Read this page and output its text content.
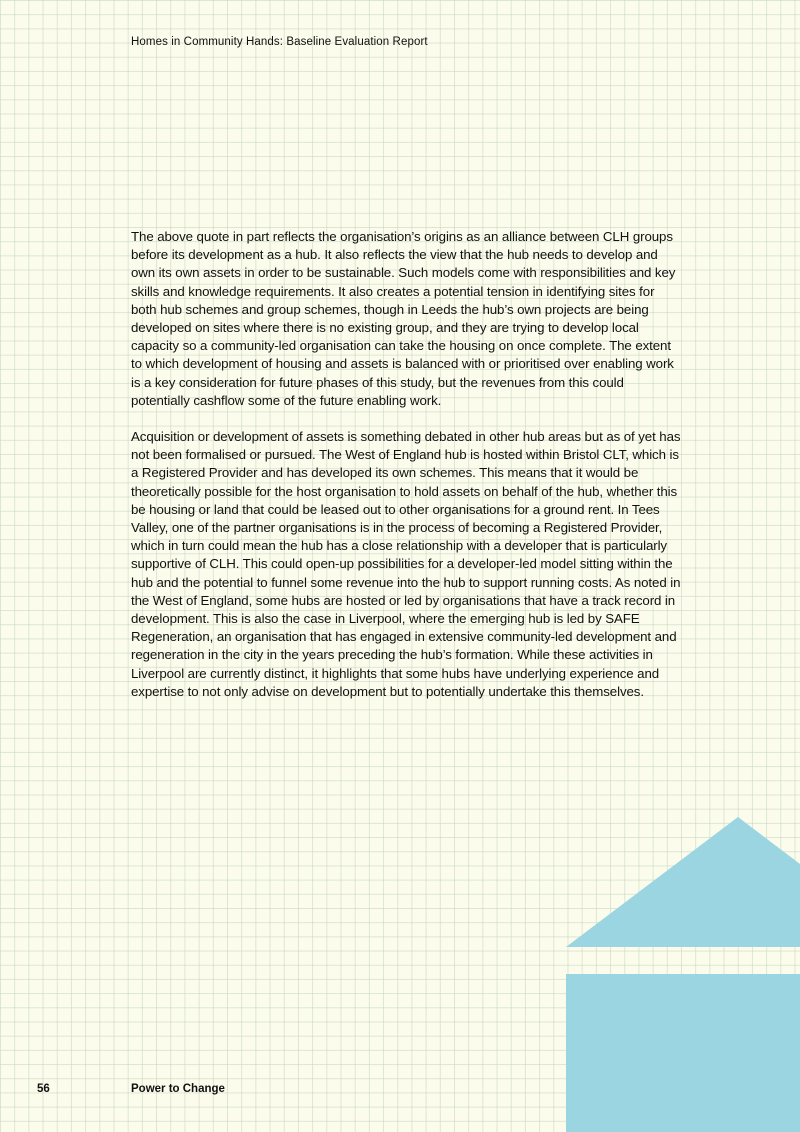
Homes in Community Hands: Baseline Evaluation Report

The above quote in part reflects the organisation’s origins as an alliance between CLH groups before its development as a hub. It also reflects the view that the hub needs to develop and own its own assets in order to be sustainable. Such models come with responsibilities and key skills and knowledge requirements. It also creates a potential tension in identifying sites for both hub schemes and group schemes, though in Leeds the hub’s own projects are being developed on sites where there is no existing group, and they are trying to develop local capacity so a community-led organisation can take the housing on once complete. The extent to which development of housing and assets is balanced with or prioritised over enabling work is a key consideration for future phases of this study, but the revenues from this could potentially cashflow some of the future enabling work.

Acquisition or development of assets is something debated in other hub areas but as of yet has not been formalised or pursued. The West of England hub is hosted within Bristol CLT, which is a Registered Provider and has developed its own schemes. This means that it would be theoretically possible for the host organisation to hold assets on behalf of the hub, whether this be housing or land that could be leased out to other organisations for a ground rent. In Tees Valley, one of the partner organisations is in the process of becoming a Registered Provider, which in turn could mean the hub has a close relationship with a developer that is particularly supportive of CLH. This could open-up possibilities for a developer-led model sitting within the hub and the potential to funnel some revenue into the hub to support running costs. As noted in the West of England, some hubs are hosted or led by organisations that have a track record in development. This is also the case in Liverpool, where the emerging hub is led by SAFE Regeneration, an organisation that has engaged in extensive community-led development and regeneration in the city in the years preceding the hub’s formation. While these activities in Liverpool are currently distinct, it highlights that some hubs have underlying experience and expertise to not only advise on development but to potentially undertake this themselves.

56	Power to Change
